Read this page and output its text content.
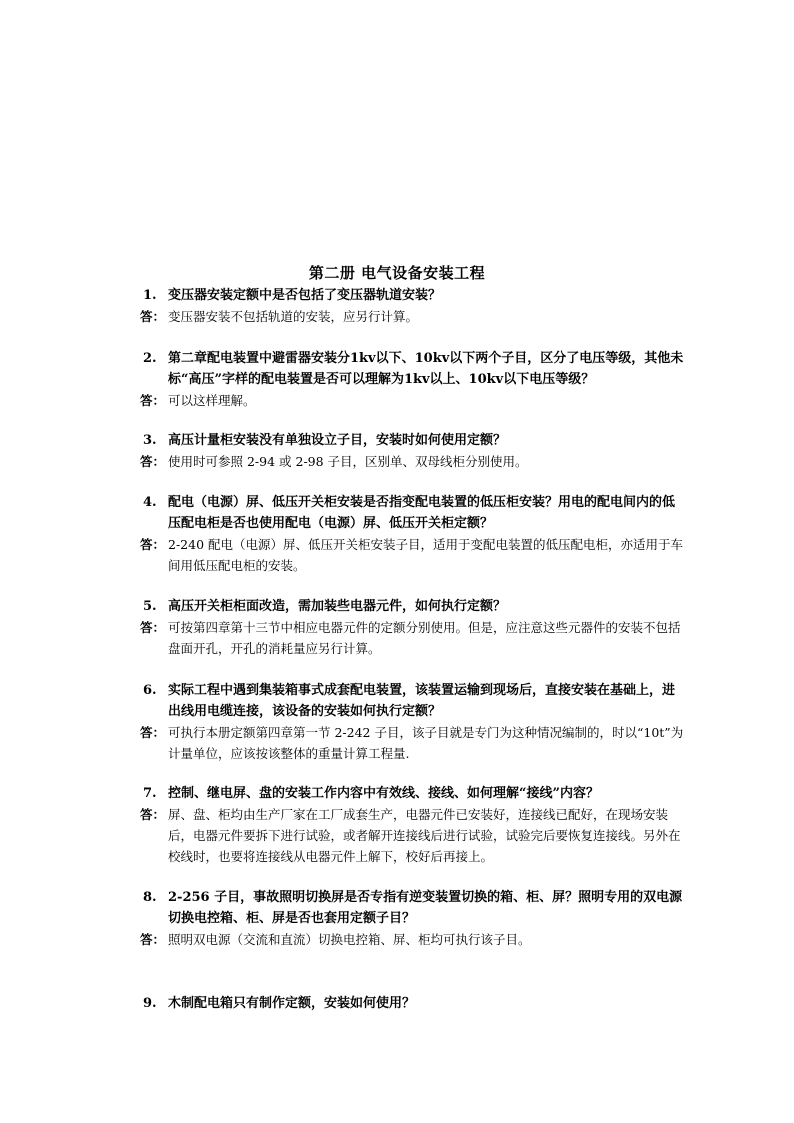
第二册 电气设备安装工程
1. 变压器安装定额中是否包括了变压器轨道安装？
答： 变压器安装不包括轨道的安装，应另行计算。
2. 第二章配电装置中避雷器安装分1kv以下、10kv以下两个子目，区分了电压等级，其他未标“高压”字样的配电装置是否可以理解为1kv以上、10kv以下电压等级？
答： 可以这样理解。
3. 高压计量柜安装没有单独设立子目，安装时如何使用定额？
答： 使用时可参照 2-94 或 2-98 子目，区别单、双母线柜分别使用。
4. 配电（电源）屏、低压开关柜安装是否指变配电装置的低压柜安装？用电的配电间内的低压配电柜是否也使用配电（电源）屏、低压开关柜定额？
答： 2-240 配电（电源）屏、低压开关柜安装子目，适用于变配电装置的低压配电柜，亦适用于车间用低压配电柜的安装。
5. 高压开关柜柜面改造，需加装些电器元件，如何执行定额？
答： 可按第四章第十三节中相应电器元件的定额分别使用。但是，应注意这些元器件的安装不包括盘面开孔，开孔的消耗量应另行计算。
6. 实际工程中遇到集装箱事式成套配电装置，该装置运输到现场后，直接安装在基础上，进出线用电缆连接，该设备的安装如何执行定额？
答： 可执行本册定额第四章第一节 2-242 子目，该子目就是专门为这种情况编制的，时以“10t”为计量单位，应该按该整体的重量计算工程量.
7. 控制、继电屏、盘的安装工作内容中有效线、接线、如何理解“接线”内容？
答： 屏、盘、柜均由生产厂家在工厂成套生产，电器元件已安装好，连接线已配好，在现场安装后，电器元件要拆下进行试验，或者解开连接线后进行试验，试验完后要恢复连接线。另外在校线时，也要将连接线从电器元件上解下，校好后再接上。
8. 2-256 子目，事故照明切换屏是否专指有逆变装置切换的箱、柜、屏？照明专用的双电源切换电控箱、柜、屏是否也套用定额子目？
答： 照明双电源（交流和直流）切换电控箱、屏、柜均可执行该子目。
9. 木制配电箱只有制作定额，安装如何使用？
